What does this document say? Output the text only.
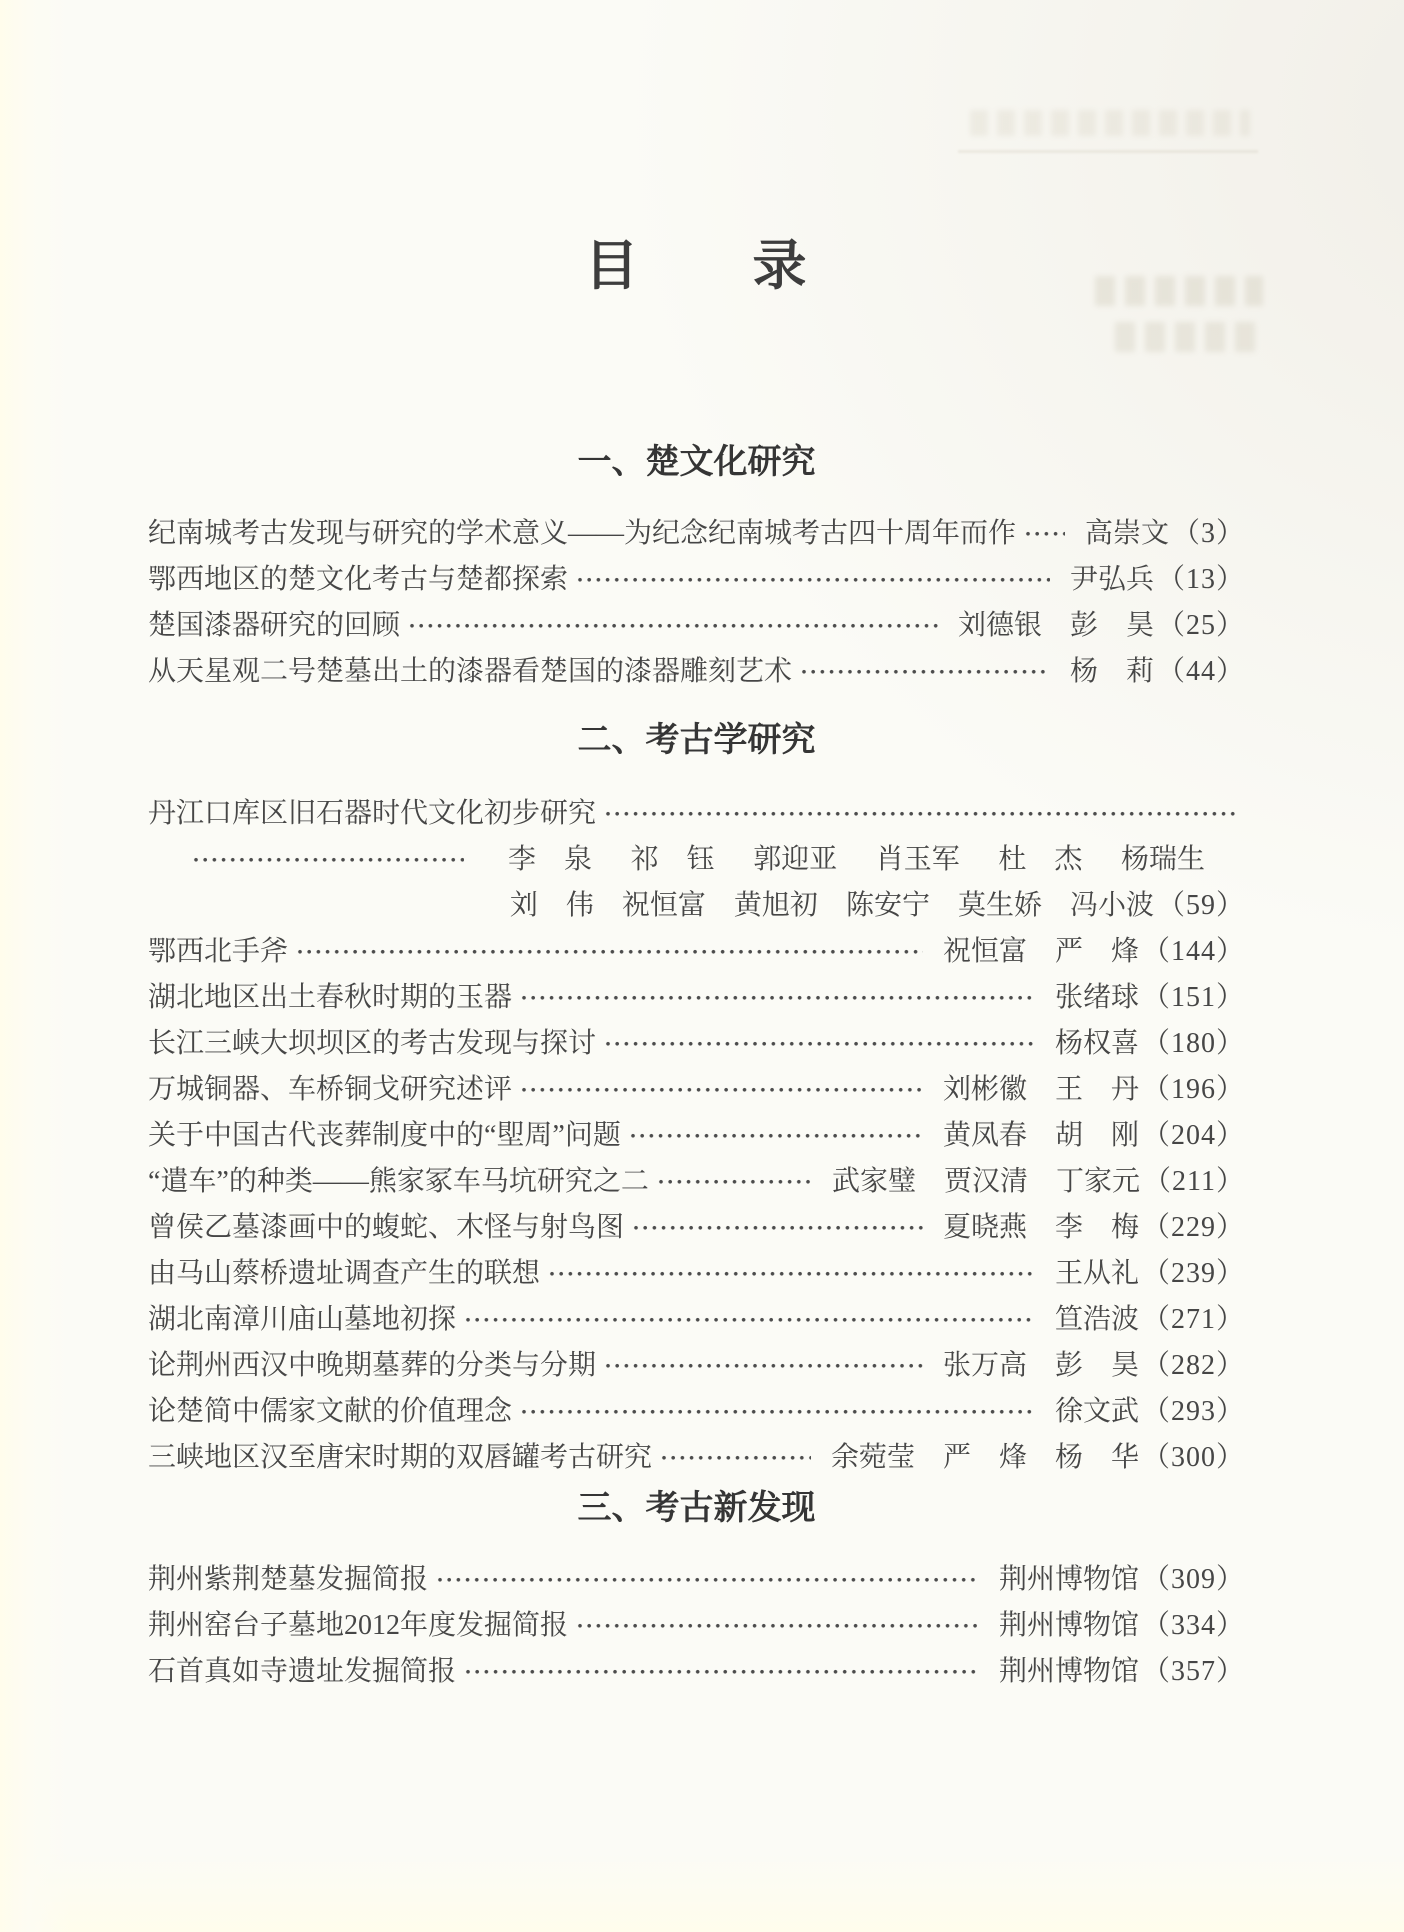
目　　录
一、楚文化研究
纪南城考古发现与研究的学术意义——为纪念纪南城考古四十周年而作 高崇文 （3）
鄂西地区的楚文化考古与楚都探索	尹弘兵 （13）
楚国漆器研究的回顾	刘德银 彭　昊 （25）
从天星观二号楚墓出土的漆器看楚国的漆器雕刻艺术	杨　莉 （44）
二、考古学研究
丹江口库区旧石器时代文化初步研究
李　泉 祁　钰 郭迎亚 肖玉军 杜　杰 杨瑞生
刘　伟 祝恒富 黄旭初 陈安宁 莫生娇 冯小波 （59）
鄂西北手斧	祝恒富 严　烽 （144）
湖北地区出土春秋时期的玉器	张绪球 （151）
长江三峡大坝坝区的考古发现与探讨	杨权喜 （180）
万城铜器、车桥铜戈研究述评	刘彬徽 王　丹 （196）
关于中国古代丧葬制度中的“堲周”问题	黄凤春 胡　刚 （204）
“遣车”的种类——熊家冢车马坑研究之二	武家璧 贾汉清 丁家元 （211）
曾侯乙墓漆画中的蝮蛇、木怪与射鸟图	夏晓燕 李　梅 （229）
由马山蔡桥遗址调查产生的联想	王从礼 （239）
湖北南漳川庙山墓地初探	笪浩波 （271）
论荆州西汉中晚期墓葬的分类与分期	张万高 彭　昊 （282）
论楚简中儒家文献的价值理念	徐文武 （293）
三峡地区汉至唐宋时期的双唇罐考古研究	余菀莹 严　烽 杨　华 （300）
三、考古新发现
荆州紫荆楚墓发掘简报	荆州博物馆 （309）
荆州窑台子墓地2012年度发掘简报	荆州博物馆 （334）
石首真如寺遗址发掘简报	荆州博物馆 （357）
